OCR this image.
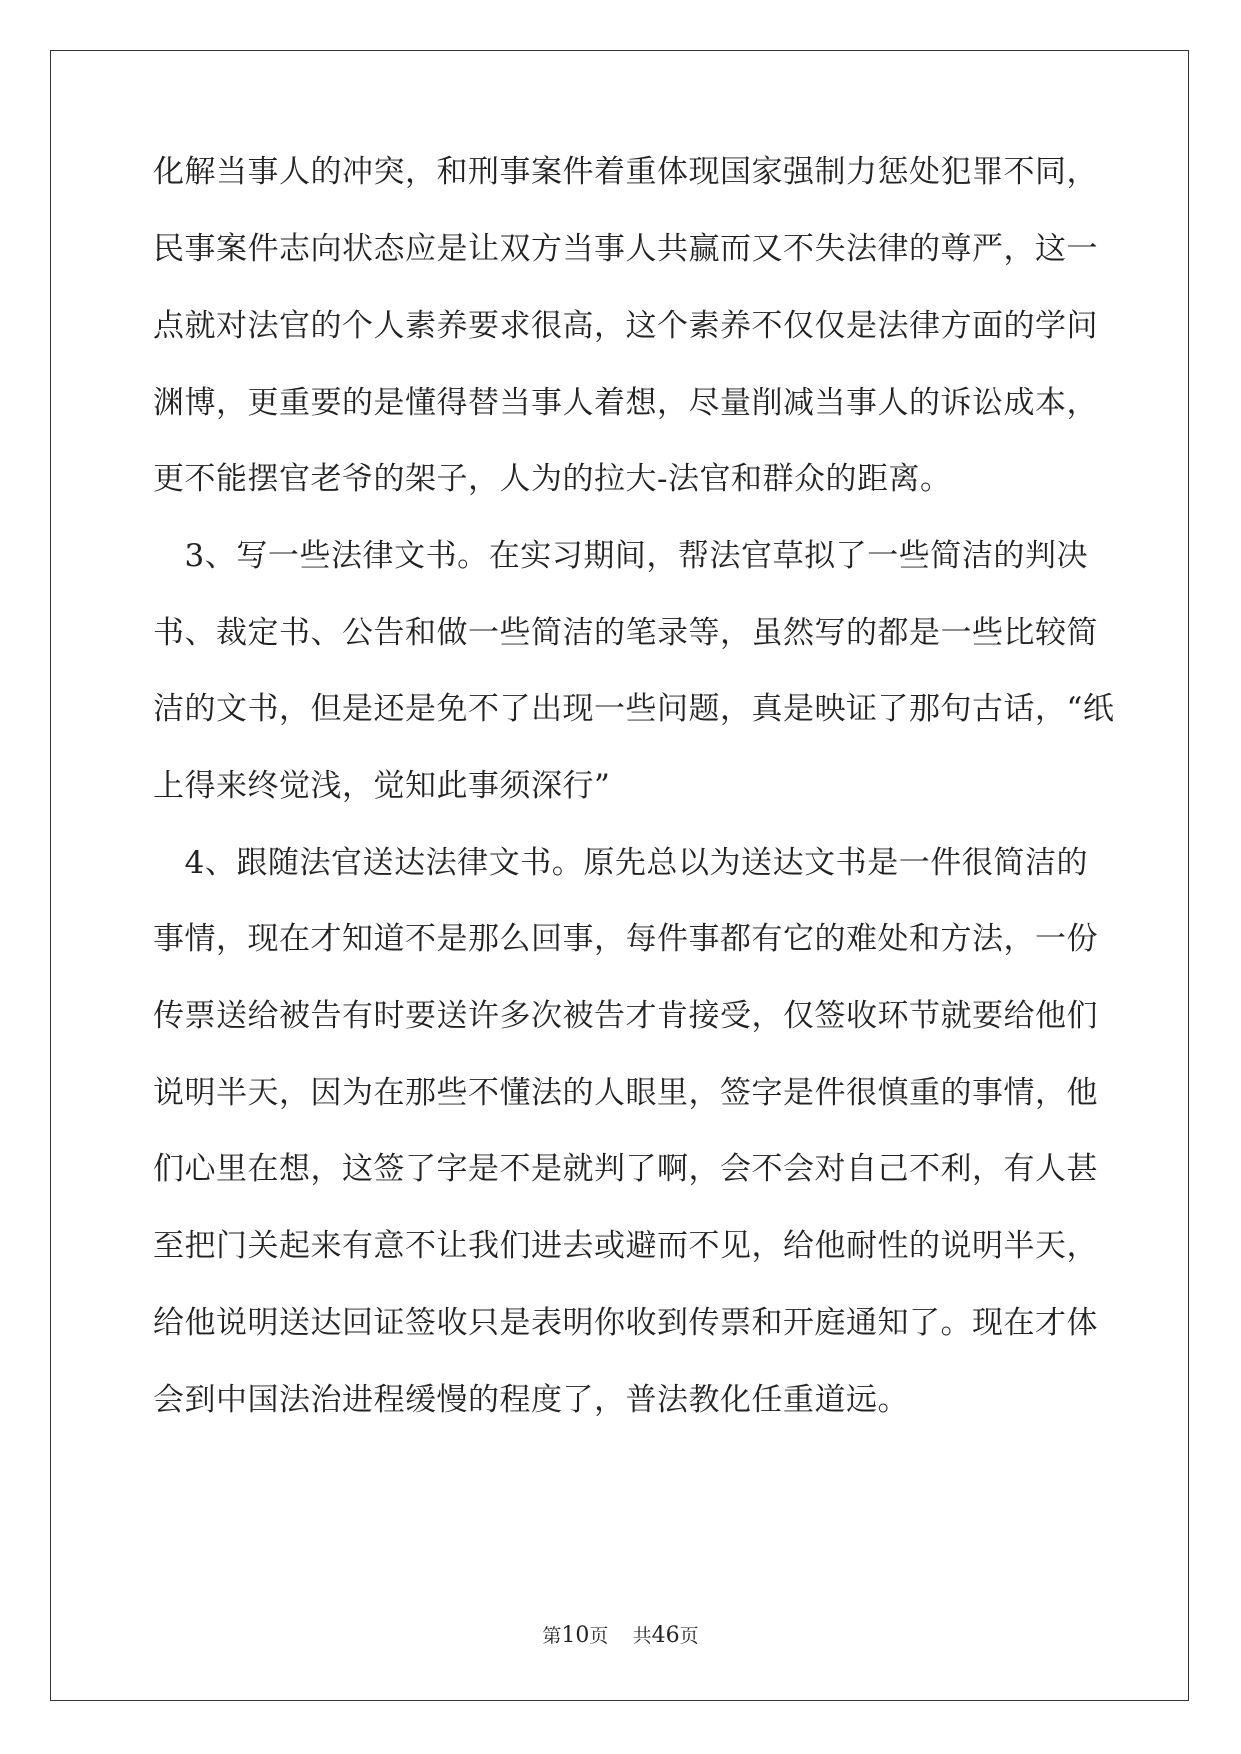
化解当事人的冲突，和刑事案件着重体现国家强制力惩处犯罪不同，
民事案件志向状态应是让双方当事人共赢而又不失法律的尊严，这一
点就对法官的个人素养要求很高，这个素养不仅仅是法律方面的学问
渊博，更重要的是懂得替当事人着想，尽量削减当事人的诉讼成本，
更不能摆官老爷的架子，人为的拉大-法官和群众的距离。
　3、写一些法律文书。在实习期间，帮法官草拟了一些简洁的判决
书、裁定书、公告和做一些简洁的笔录等，虽然写的都是一些比较简
洁的文书，但是还是免不了出现一些问题，真是映证了那句古话，“纸
上得来终觉浅，觉知此事须深行”
　4、跟随法官送达法律文书。原先总以为送达文书是一件很简洁的
事情，现在才知道不是那么回事，每件事都有它的难处和方法，一份
传票送给被告有时要送许多次被告才肯接受，仅签收环节就要给他们
说明半天，因为在那些不懂法的人眼里，签字是件很慎重的事情，他
们心里在想，这签了字是不是就判了啊，会不会对自己不利，有人甚
至把门关起来有意不让我们进去或避而不见，给他耐性的说明半天，
给他说明送达回证签收只是表明你收到传票和开庭通知了。现在才体
会到中国法治进程缓慢的程度了，普法教化任重道远。
第10页 共46页
